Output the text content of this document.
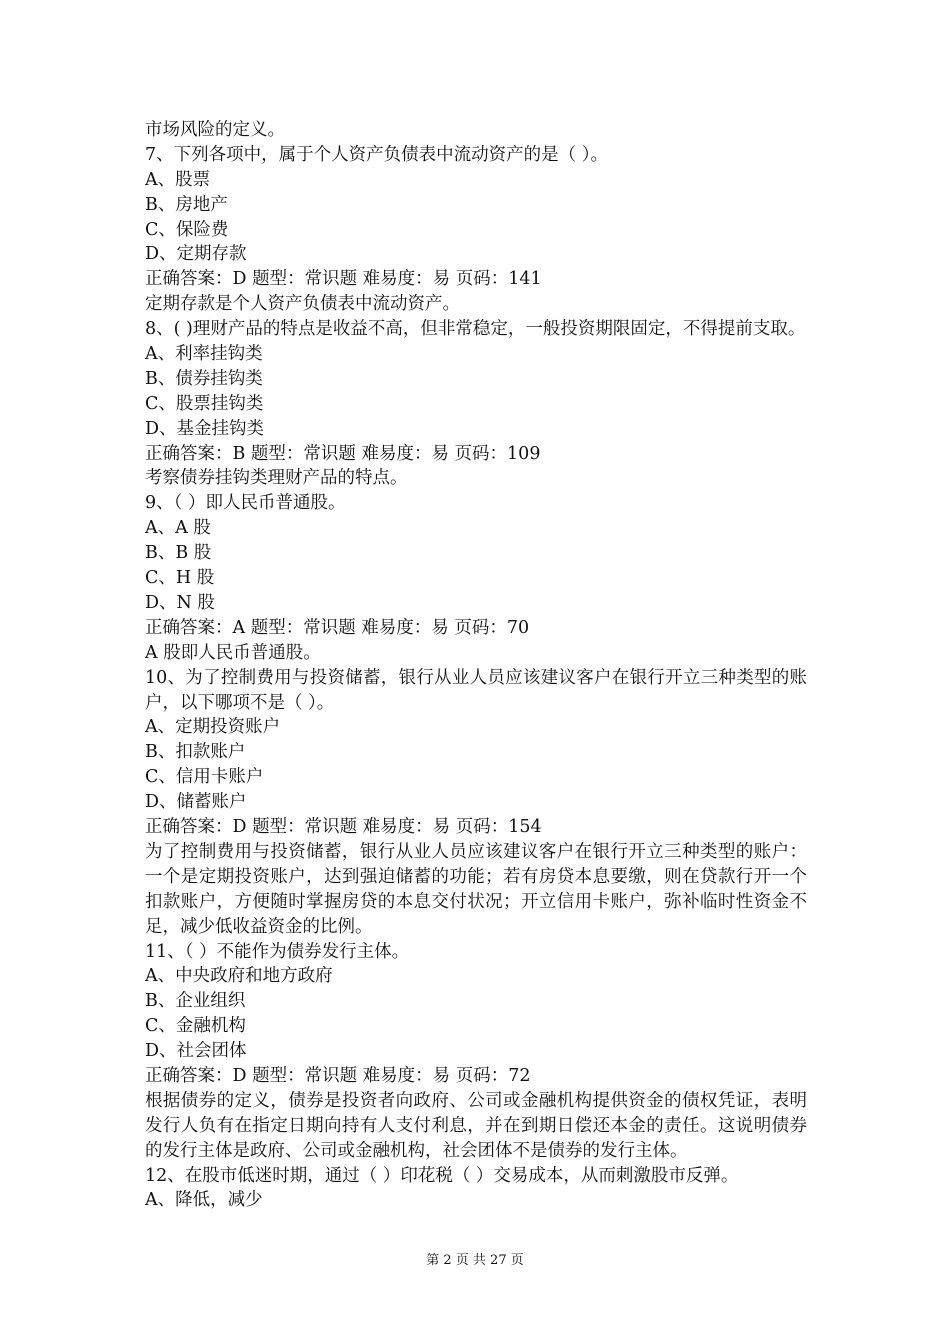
市场风险的定义。
7、下列各项中，属于个人资产负债表中流动资产的是（ ）。
A、股票
B、房地产
C、保险费
D、定期存款
正确答案：D 题型：常识题 难易度：易 页码：141
定期存款是个人资产负债表中流动资产。
8、( )理财产品的特点是收益不高，但非常稳定，一般投资期限固定，不得提前支取。
A、利率挂钩类
B、债券挂钩类
C、股票挂钩类
D、基金挂钩类
正确答案：B 题型：常识题 难易度：易 页码：109
考察债券挂钩类理财产品的特点。
9、（ ）即人民币普通股。
A、A 股
B、B 股
C、H 股
D、N 股
正确答案：A 题型：常识题 难易度：易 页码：70
A 股即人民币普通股。
10、为了控制费用与投资储蓄，银行从业人员应该建议客户在银行开立三种类型的账户，以下哪项不是（ ）。
A、定期投资账户
B、扣款账户
C、信用卡账户
D、储蓄账户
正确答案：D 题型：常识题 难易度：易 页码：154
为了控制费用与投资储蓄，银行从业人员应该建议客户在银行开立三种类型的账户：一个是定期投资账户，达到强迫储蓄的功能；若有房贷本息要缴，则在贷款行开一个扣款账户，方便随时掌握房贷的本息交付状况；开立信用卡账户，弥补临时性资金不足，减少低收益资金的比例。
11、（ ）不能作为债券发行主体。
A、中央政府和地方政府
B、企业组织
C、金融机构
D、社会团体
正确答案：D 题型：常识题 难易度：易 页码：72
根据债券的定义，债券是投资者向政府、公司或金融机构提供资金的债权凭证，表明发行人负有在指定日期向持有人支付利息，并在到期日偿还本金的责任。这说明债券的发行主体是政府、公司或金融机构，社会团体不是债券的发行主体。
12、在股市低迷时期，通过（ ）印花税（ ）交易成本，从而刺激股市反弹。
A、降低，减少
第 2 页 共 27 页
